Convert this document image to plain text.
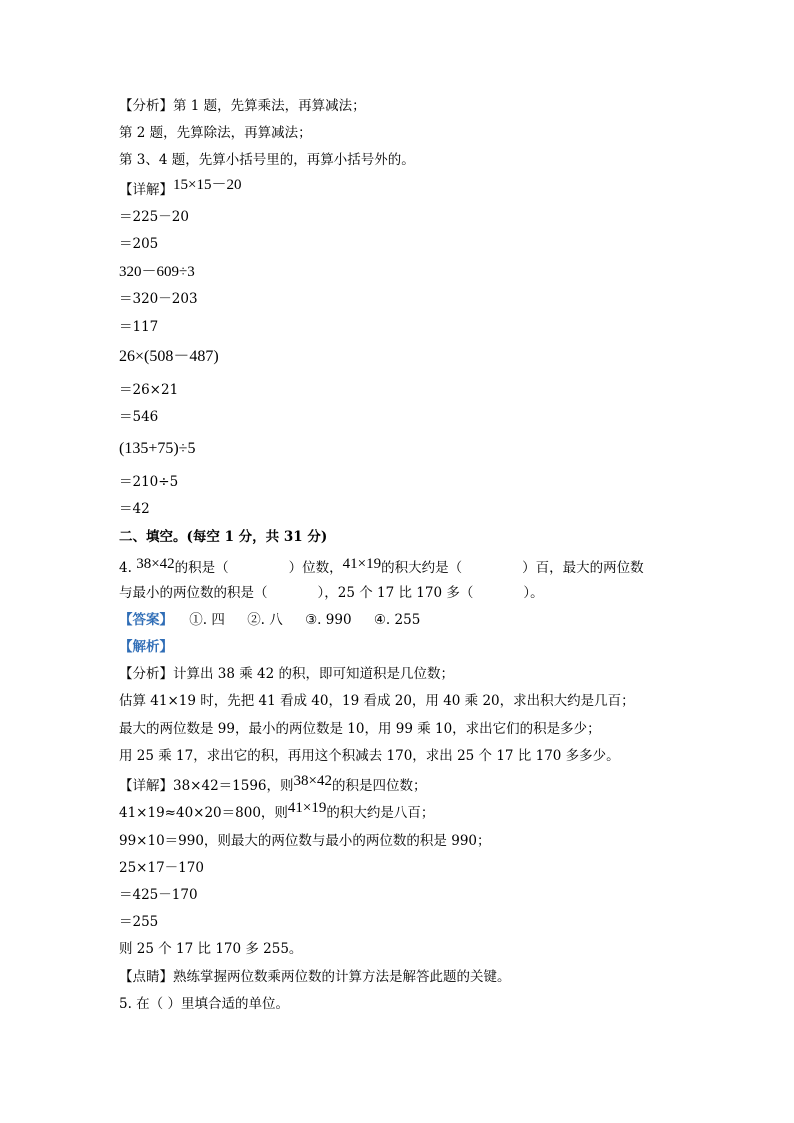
【分析】第 1 题，先算乘法，再算减法；
第 2 题，先算除法，再算减法；
第 3、4 题，先算小括号里的，再算小括号外的。
【详解】15×15－20
＝225－20
＝205
320－609÷3
＝320－203
＝117
26×(508－487)
＝26×21
＝546
(135+75)÷5
＝210÷5
＝42
二、填空。(每空 1 分，共 31 分)
4. 38×42的积是（	）位数，41×19的积大约是（	）百，最大的两位数
与最小的两位数的积是（	），25 个 17 比 170 多（	）。
【答案】 ①. 四 ②. 八 ③. 990 ④. 255
【解析】
【分析】计算出 38 乘 42 的积，即可知道积是几位数；
估算 41×19 时，先把 41 看成 40，19 看成 20，用 40 乘 20，求出积大约是几百；
最大的两位数是 99，最小的两位数是 10，用 99 乘 10，求出它们的积是多少；
用 25 乘 17，求出它的积，再用这个积减去 170，求出 25 个 17 比 170 多多少。
【详解】38×42＝1596，则38×42的积是四位数；
41×19≈40×20＝800，则41×19的积大约是八百；
99×10＝990，则最大的两位数与最小的两位数的积是 990；
25×17－170
＝425－170
＝255
则 25 个 17 比 170 多 255。
【点睛】熟练掌握两位数乘两位数的计算方法是解答此题的关键。
5. 在（ ）里填合适的单位。
